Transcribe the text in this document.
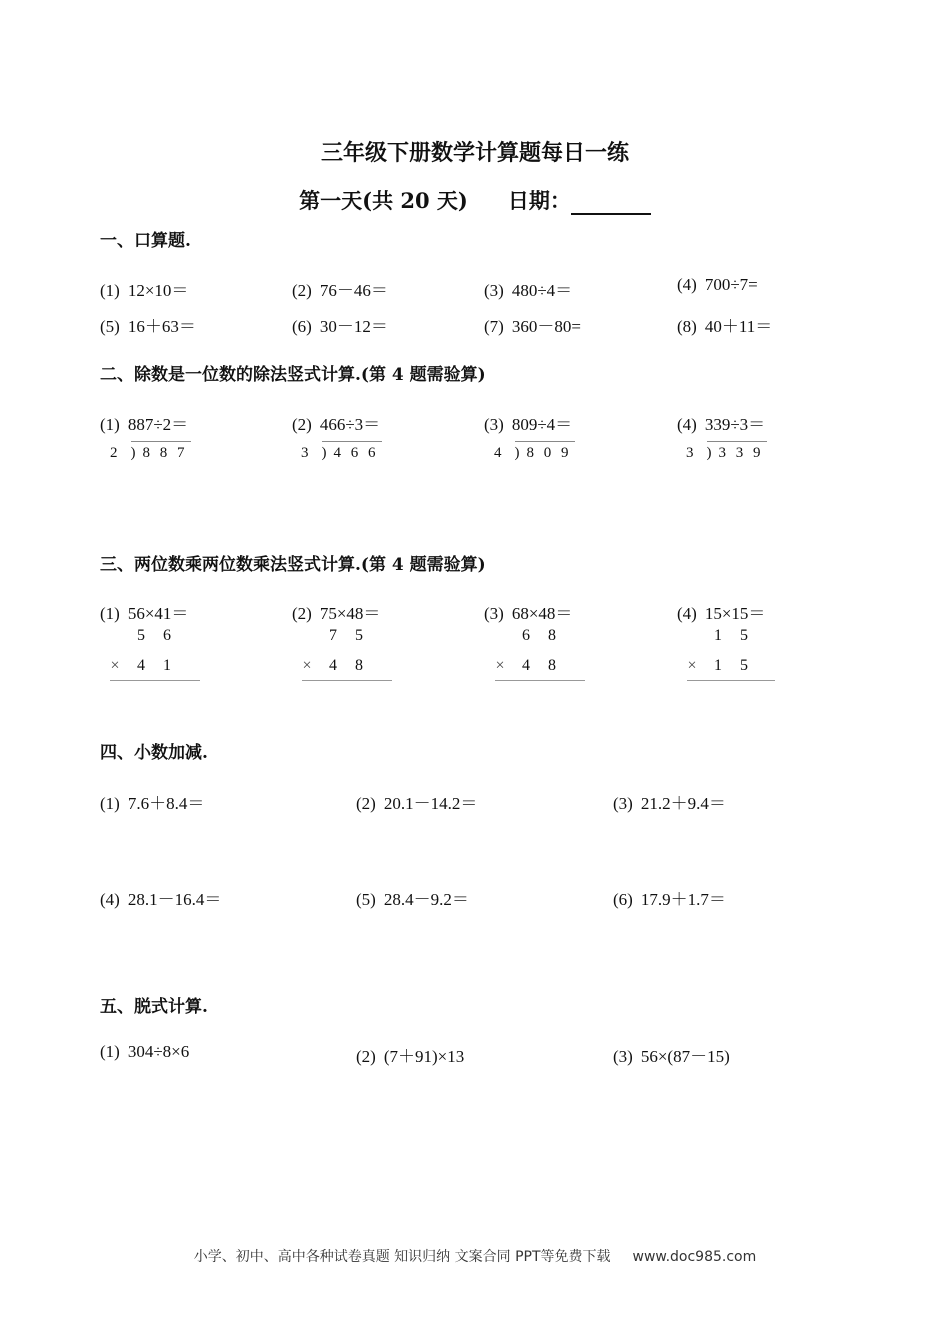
三年级下册数学计算题每日一练
第一天(共 20 天) 日期：
一、口算题.
(1) 12×10＝	(2) 76－46＝	(3) 480÷4＝	(4) 700÷7=
(5) 16＋63＝	(6) 30－12＝	(7) 360－80=	(8) 40＋11＝
二、除数是一位数的除法竖式计算.(第 4 题需验算)
(1) 887÷2＝
2 ) 8 8 7
(2) 466÷3＝
3 ) 4 6 6
(3) 809÷4＝
4 ) 8 0 9
(4) 339÷3＝
3 ) 3 3 9
三、两位数乘两位数乘法竖式计算.(第 4 题需验算)
(1) 56×41＝
5 6
× 4 1
(2) 75×48＝
7 5
× 4 8
(3) 68×48＝
6 8
× 4 8
(4) 15×15＝
1 5
× 1 5
四、小数加减.
(1) 7.6＋8.4＝	(2) 20.1－14.2＝	(3) 21.2＋9.4＝
(4) 28.1－16.4＝	(5) 28.4－9.2＝	(6) 17.9＋1.7＝
五、脱式计算.
(1) 304÷8×6	(2) (7＋91)×13	(3) 56×(87－15)
小学、初中、高中各种试卷真题 知识归纳 文案合同 PPT等免费下载 www.doc985.com
